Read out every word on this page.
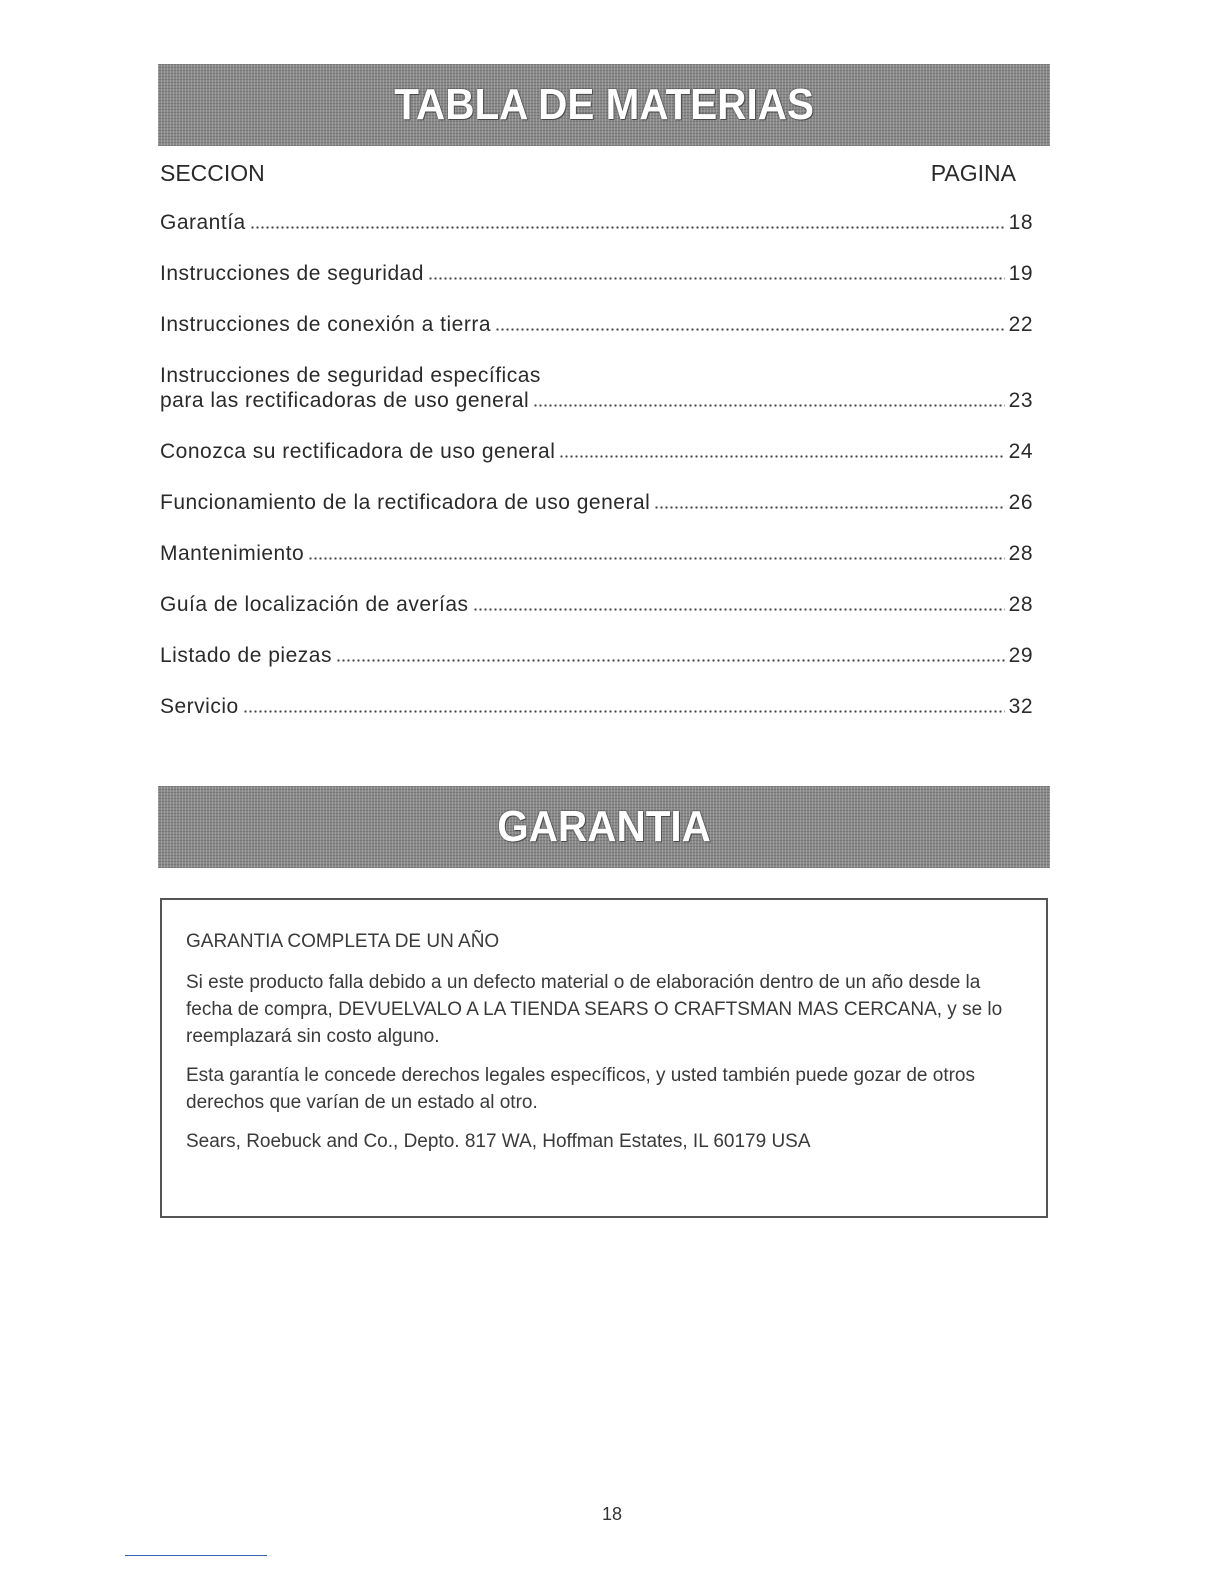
TABLA DE MATERIAS
SECCION	PAGINA
Garantía	18
Instrucciones de seguridad	19
Instrucciones de conexión a tierra	22
Instrucciones de seguridad específicas
para las rectificadoras de uso general	23
Conozca su rectificadora de uso general	24
Funcionamiento de la rectificadora de uso general	26
Mantenimiento	28
Guía de localización de averías	28
Listado de piezas	29
Servicio	32
GARANTIA

GARANTIA COMPLETA DE UN AÑO

Si este producto falla debido a un defecto material o de elaboración dentro de un año desde la fecha de compra, DEVUELVALO A LA TIENDA SEARS O CRAFTSMAN MAS CERCANA, y se lo reemplazará sin costo alguno.

Esta garantía le concede derechos legales específicos, y usted también puede gozar de otros derechos que varían de un estado al otro.

Sears, Roebuck and Co., Depto. 817 WA, Hoffman Estates, IL 60179 USA

18
